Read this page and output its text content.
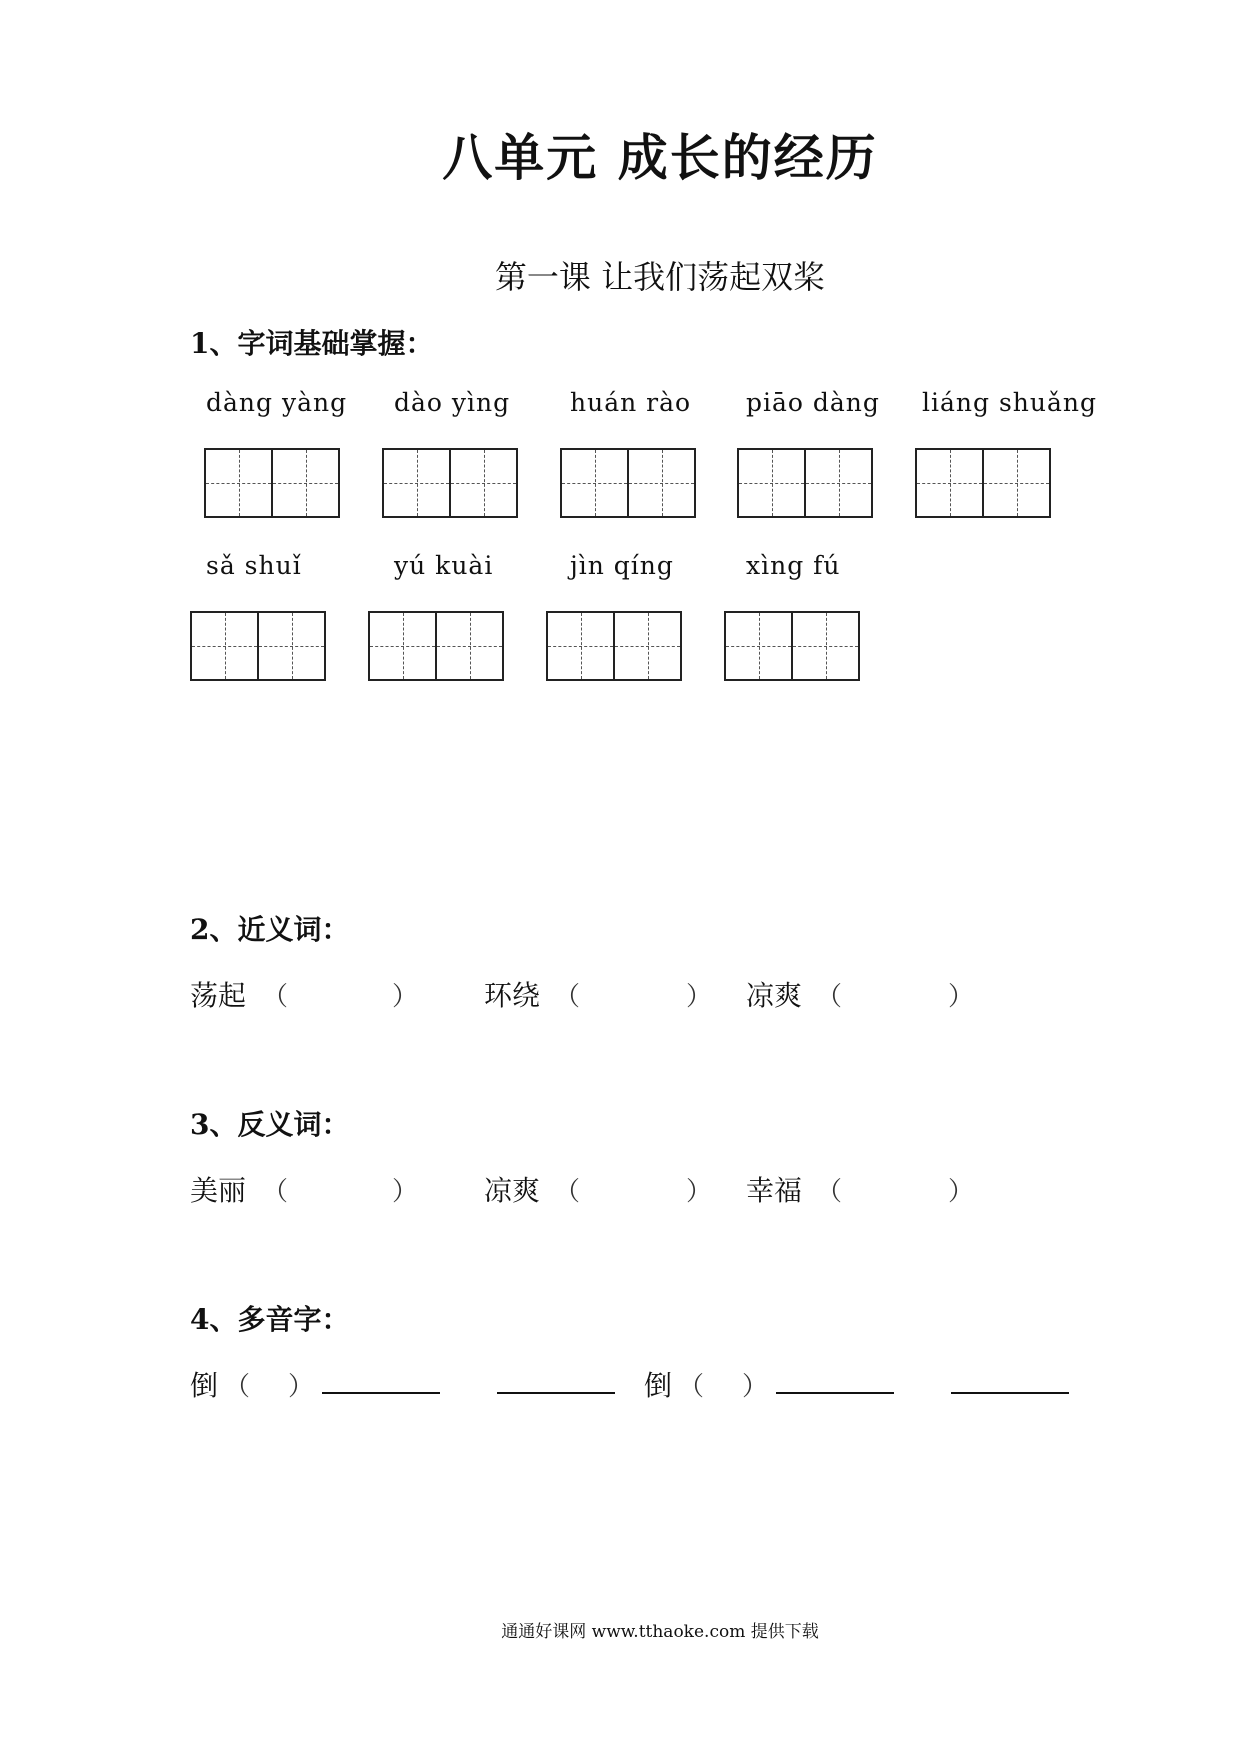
八单元 成长的经历
第一课 让我们荡起双桨
1、字词基础掌握：
dàng yàng dào yìng huán rào piāo dàng liáng shuǎng
sǎ shuǐ	yú kuài	jìn qíng	xìng fú
2、近义词：
荡起 （	） 环绕 （	） 凉爽 （	）
3、反义词：
美丽 （	） 凉爽 （	） 幸福 （	）
4、多音字：
倒 （ ）	倒 （ ）
通通好课网 www.tthaoke.com 提供下载
